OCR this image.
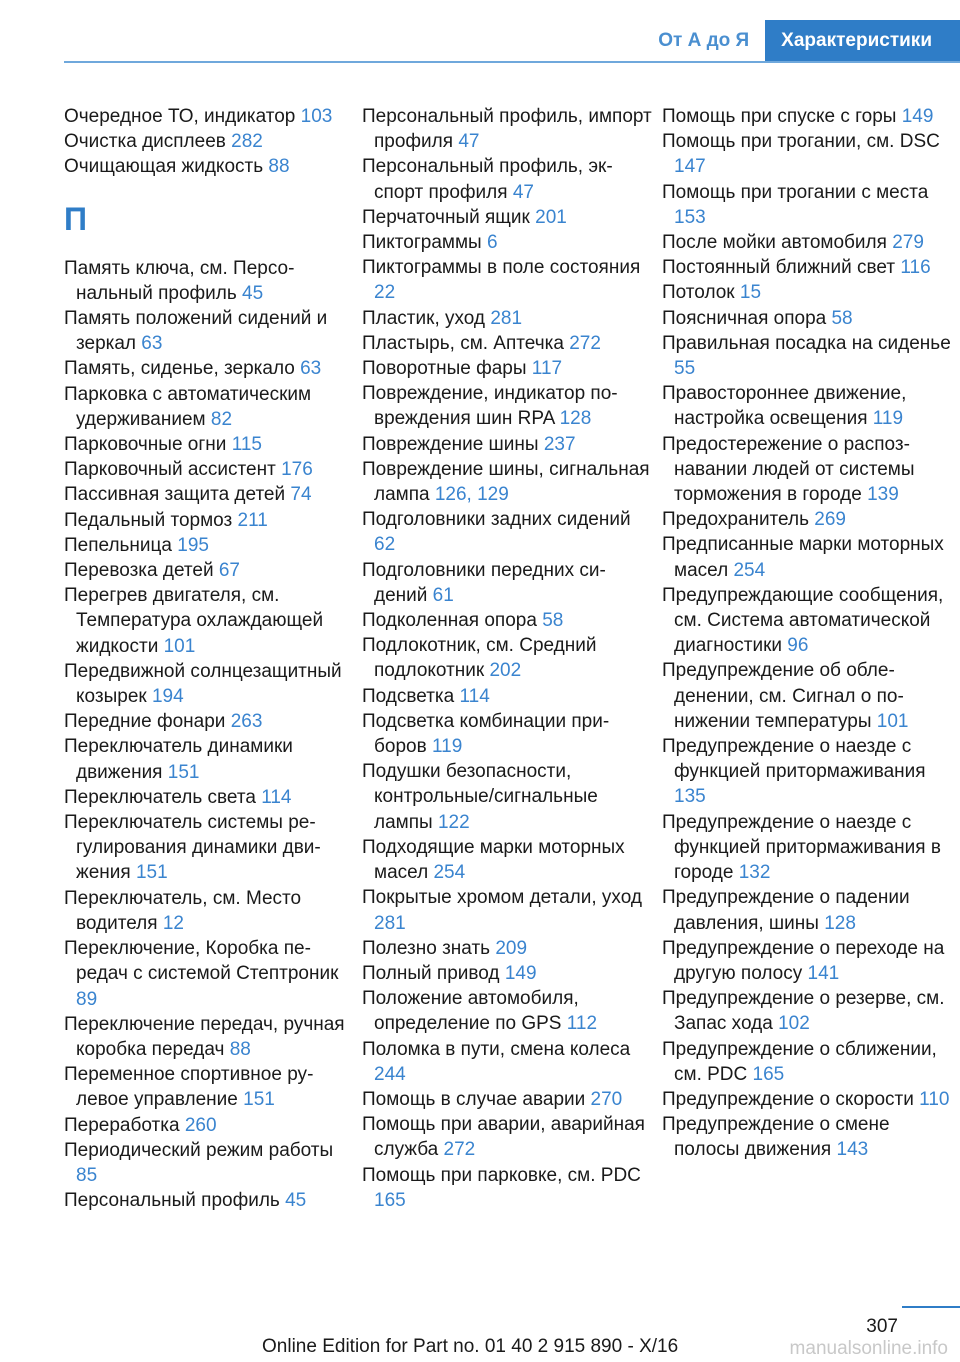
От А до Я	Характеристики
Очередное ТО, индикатор 103
Очистка дисплеев 282
Очищающая жидкость 88
П
Память ключа, см. Персональный профиль 45
Память положений сидений и зеркал 63
Память, сиденье, зеркало 63
Парковка с автоматическим удерживанием 82
Парковочные огни 115
Парковочный ассистент 176
Пассивная защита детей 74
Педальный тормоз 211
Пепельница 195
Перевозка детей 67
Перегрев двигателя, см. Температура охлаждающей жидкости 101
Передвижной солнцезащитный козырек 194
Передние фонари 263
Переключатель динамики движения 151
Переключатель света 114
Переключатель системы регулирования динамики движения 151
Переключатель, см. Место водителя 12
Переключение, Коробка передач с системой Стептроник 89
Переключение передач, ручная коробка передач 88
Переменное спортивное рулевое управление 151
Переработка 260
Периодический режим работы 85
Персональный профиль 45
Персональный профиль, импорт профиля 47
Персональный профиль, экспорт профиля 47
Перчаточный ящик 201
Пиктограммы 6
Пиктограммы в поле состояния 22
Пластик, уход 281
Пластырь, см. Аптечка 272
Поворотные фары 117
Повреждение, индикатор повреждения шин RPA 128
Повреждение шины 237
Повреждение шины, сигнальная лампа 126, 129
Подголовники задних сидений 62
Подголовники передних сидений 61
Подколенная опора 58
Подлокотник, см. Средний подлокотник 202
Подсветка 114
Подсветка комбинации приборов 119
Подушки безопасности, контрольные/сигнальные лампы 122
Подходящие марки моторных масел 254
Покрытые хромом детали, уход 281
Полезно знать 209
Полный привод 149
Положение автомобиля, определение по GPS 112
Поломка в пути, смена колеса 244
Помощь в случае аварии 270
Помощь при аварии, аварийная служба 272
Помощь при парковке, см. PDC 165
Помощь при спуске с горы 149
Помощь при трогании, см. DSC 147
Помощь при трогании с места 153
После мойки автомобиля 279
Постоянный ближний свет 116
Потолок 15
Поясничная опора 58
Правильная посадка на сиденье 55
Правостороннее движение, настройка освещения 119
Предостережение о распознавании людей от системы торможения в городе 139
Предохранитель 269
Предписанные марки моторных масел 254
Предупреждающие сообщения, см. Система автоматической диагностики 96
Предупреждение об обледенении, см. Сигнал о понижении температуры 101
Предупреждение о наезде с функцией притормаживания 135
Предупреждение о наезде с функцией притормаживания в городе 132
Предупреждение о падении давления, шины 128
Предупреждение о переходе на другую полосу 141
Предупреждение о резерве, см. Запас хода 102
Предупреждение о сближении, см. PDC 165
Предупреждение о скорости 110
Предупреждение о смене полосы движения 143
307
Online Edition for Part no. 01 40 2 915 890 - X/16	manualsonline.info
